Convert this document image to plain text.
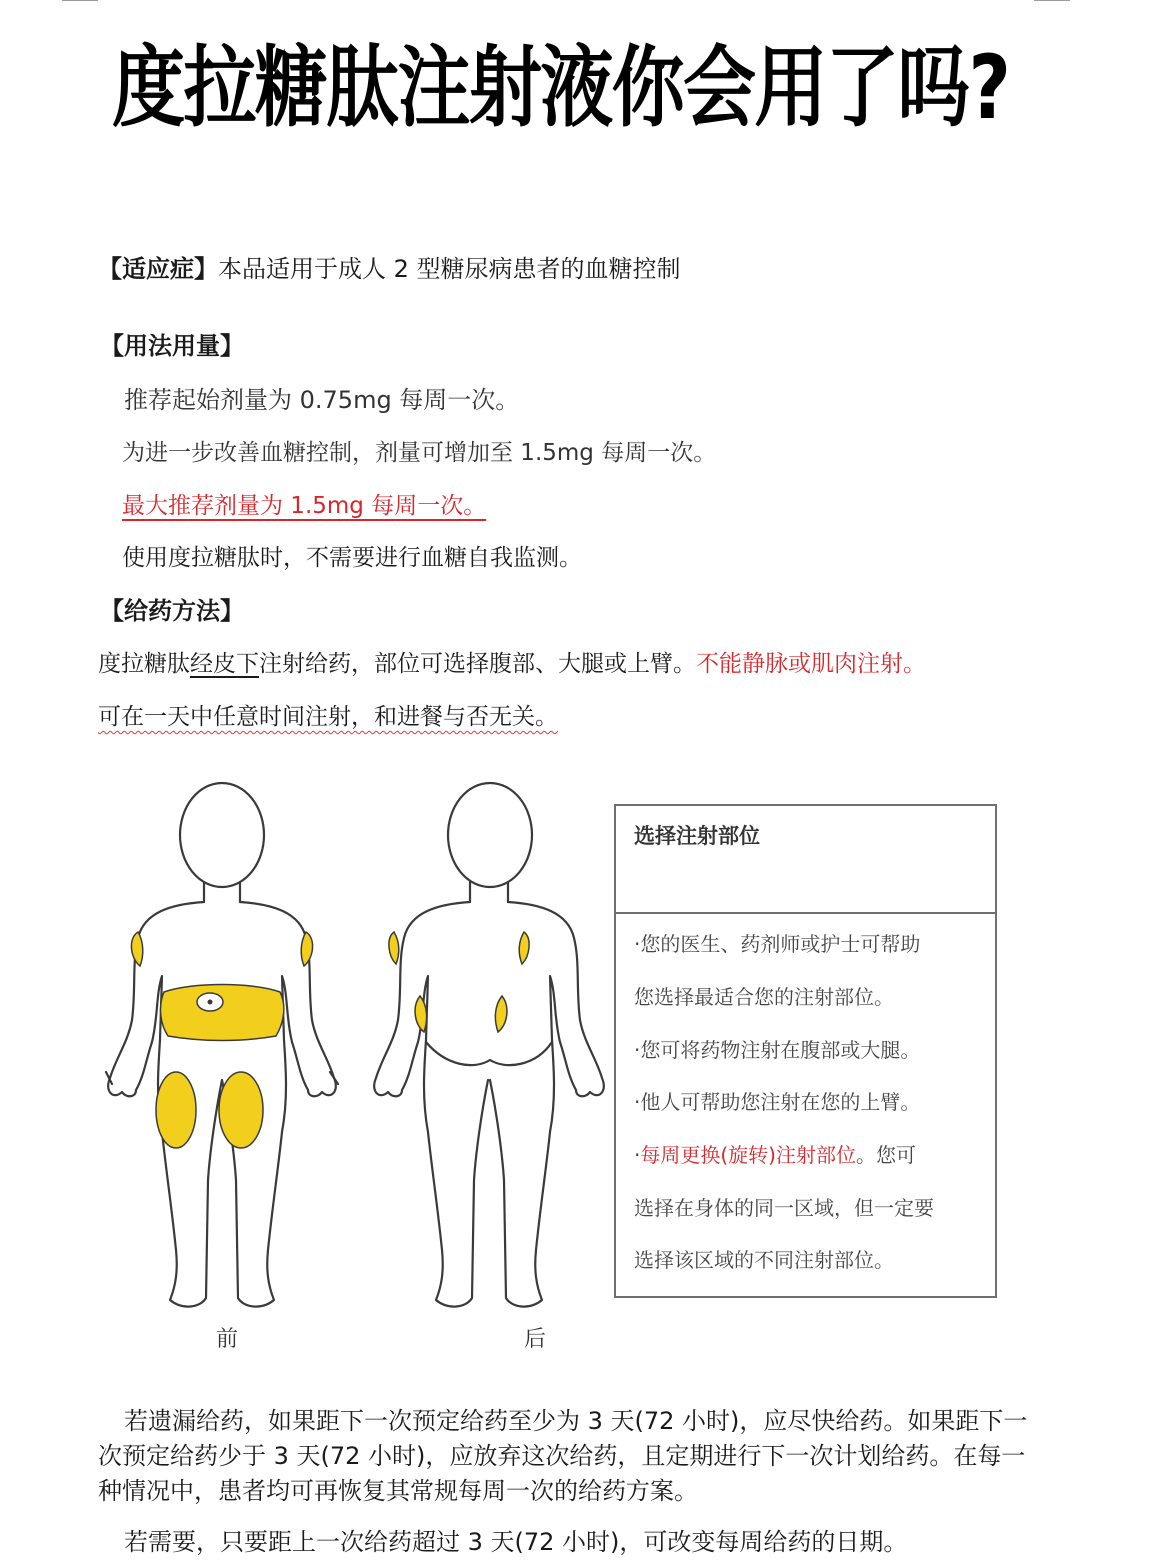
度拉糖肽注射液你会用了吗?
【适应症】本品适用于成人 2 型糖尿病患者的血糖控制
【用法用量】
推荐起始剂量为 0.75mg 每周一次。
为进一步改善血糖控制，剂量可增加至 1.5mg 每周一次。
最大推荐剂量为 1.5mg 每周一次。
使用度拉糖肽时，不需要进行血糖自我监测。
【给药方法】
度拉糖肽经皮下注射给药，部位可选择腹部、大腿或上臂。不能静脉或肌肉注射。
可在一天中任意时间注射，和进餐与否无关。
前	后
选择注射部位
·您的医生、药剂师或护士可帮助
您选择最适合您的注射部位。
·您可将药物注射在腹部或大腿。
·他人可帮助您注射在您的上臂。
·每周更换(旋转)注射部位。您可
选择在身体的同一区域，但一定要
选择该区域的不同注射部位。
若遗漏给药，如果距下一次预定给药至少为 3 天(72 小时)，应尽快给药。如果距下一次预定给药少于 3 天(72 小时)，应放弃这次给药，且定期进行下一次计划给药。在每一种情况中，患者均可再恢复其常规每周一次的给药方案。
若需要，只要距上一次给药超过 3 天(72 小时)，可改变每周给药的日期。
